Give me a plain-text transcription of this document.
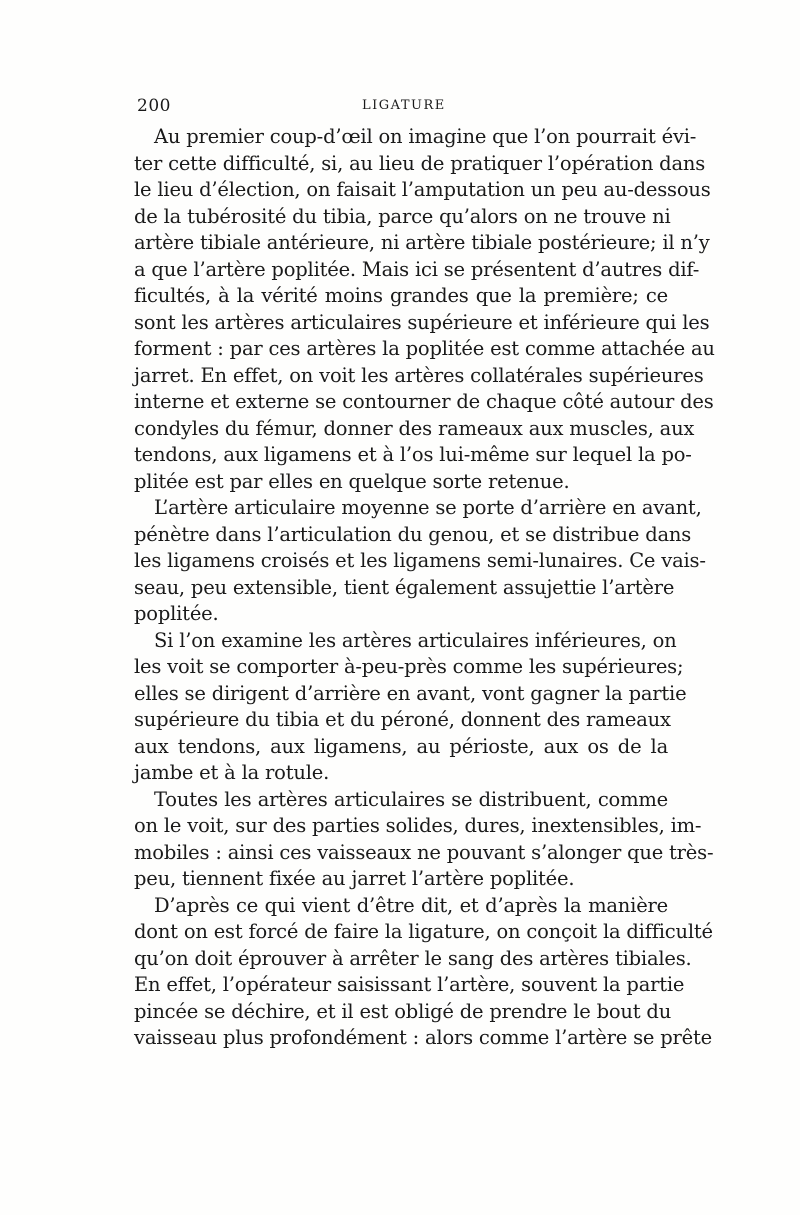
200	LIGATURE
Au premier coup-d’œil on imagine que l’on pourrait évi-
ter cette difficulté, si, au lieu de pratiquer l’opération dans
le lieu d’élection, on faisait l’amputation un peu au-dessous
de la tubérosité du tibia, parce qu’alors on ne trouve ni
artère tibiale antérieure, ni artère tibiale postérieure; il n’y
a que l’artère poplitée. Mais ici se présentent d’autres dif-
ficultés, à la vérité moins grandes que la première; ce
sont les artères articulaires supérieure et inférieure qui les
forment : par ces artères la poplitée est comme attachée au
jarret. En effet, on voit les artères collatérales supérieures
interne et externe se contourner de chaque côté autour des
condyles du fémur, donner des rameaux aux muscles, aux
tendons, aux ligamens et à l’os lui-même sur lequel la po-
plitée est par elles en quelque sorte retenue.
L’artère articulaire moyenne se porte d’arrière en avant,
pénètre dans l’articulation du genou, et se distribue dans
les ligamens croisés et les ligamens semi-lunaires. Ce vais-
seau, peu extensible, tient également assujettie l’artère
poplitée.
Si l’on examine les artères articulaires inférieures, on
les voit se comporter à-peu-près comme les supérieures;
elles se dirigent d’arrière en avant, vont gagner la partie
supérieure du tibia et du péroné, donnent des rameaux
aux tendons, aux ligamens, au périoste, aux os de la
jambe et à la rotule.
Toutes les artères articulaires se distribuent, comme
on le voit, sur des parties solides, dures, inextensibles, im-
mobiles : ainsi ces vaisseaux ne pouvant s’alonger que très-
peu, tiennent fixée au jarret l’artère poplitée.
D’après ce qui vient d’être dit, et d’après la manière
dont on est forcé de faire la ligature, on conçoit la difficulté
qu’on doit éprouver à arrêter le sang des artères tibiales.
En effet, l’opérateur saisissant l’artère, souvent la partie
pincée se déchire, et il est obligé de prendre le bout du
vaisseau plus profondément : alors comme l’artère se prête
